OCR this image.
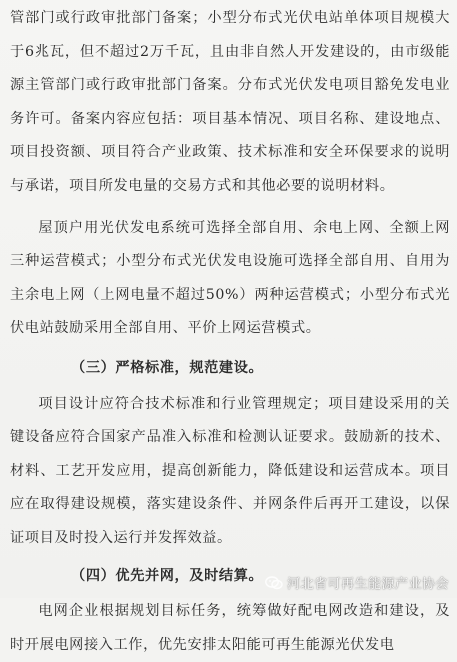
管部门或行政审批部门备案；小型分布式光伏电站单体项目规模大于6兆瓦，但不超过2万千瓦，且由非自然人开发建设的，由市级能源主管部门或行政审批部门备案。分布式光伏发电项目豁免发电业务许可。备案内容应包括：项目基本情况、项目名称、建设地点、项目投资额、项目符合产业政策、技术标准和安全环保要求的说明与承诺，项目所发电量的交易方式和其他必要的说明材料。

屋顶户用光伏发电系统可选择全部自用、余电上网、全额上网三种运营模式；小型分布式光伏发电设施可选择全部自用、自用为主余电上网（上网电量不超过50%）两种运营模式；小型分布式光伏电站鼓励采用全部自用、平价上网运营模式。

（三）严格标准，规范建设。

项目设计应符合技术标准和行业管理规定；项目建设采用的关键设备应符合国家产品准入标准和检测认证要求。鼓励新的技术、材料、工艺开发应用，提高创新能力，降低建设和运营成本。项目应在取得建设规模，落实建设条件、并网条件后再开工建设，以保证项目及时投入运行并发挥效益。

（四）优先并网，及时结算。

电网企业根据规划目标任务，统筹做好配电网改造和建设，及时开展电网接入工作，优先安排太阳能可再生能源光伏发电

河北省可再生能源产业协会
